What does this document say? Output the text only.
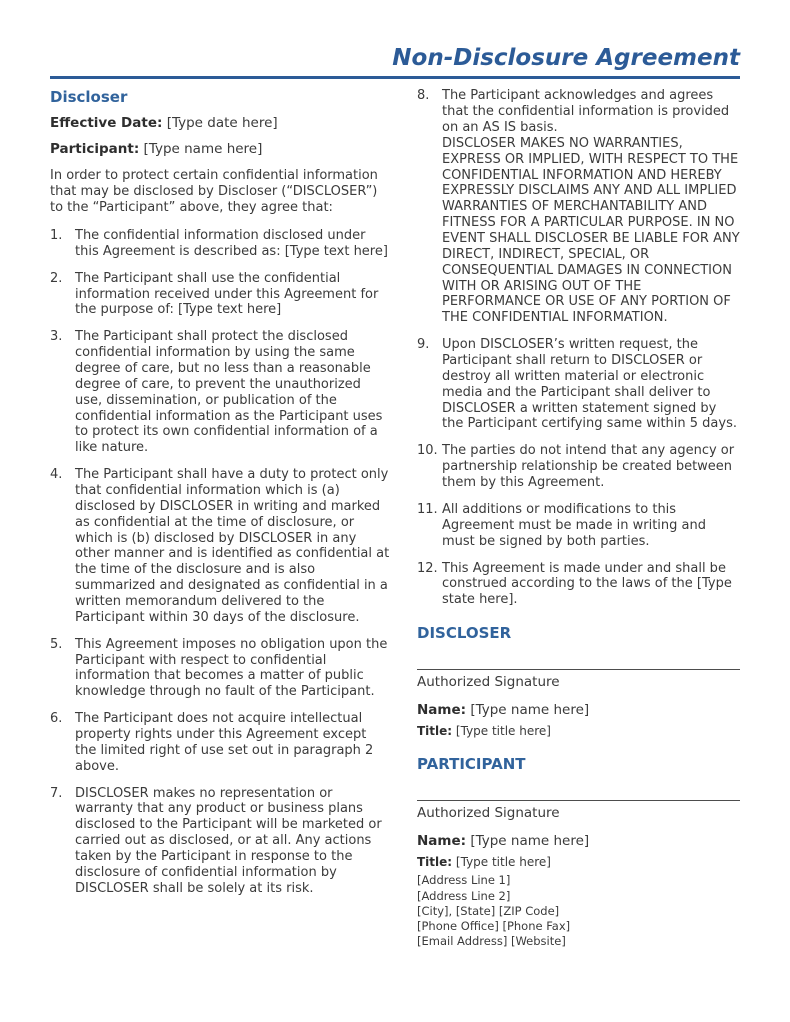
Non-Disclosure Agreement
Discloser
Effective Date: [Type date here]
Participant: [Type name here]
In order to protect certain confidential information that may be disclosed by Discloser (“DISCLOSER”) to the “Participant” above, they agree that:
1. The confidential information disclosed under this Agreement is described as: [Type text here]
2. The Participant shall use the confidential information received under this Agreement for the purpose of: [Type text here]
3. The Participant shall protect the disclosed confidential information by using the same degree of care, but no less than a reasonable degree of care, to prevent the unauthorized use, dissemination, or publication of the confidential information as the Participant uses to protect its own confidential information of a like nature.
4. The Participant shall have a duty to protect only that confidential information which is (a) disclosed by DISCLOSER in writing and marked as confidential at the time of disclosure, or which is (b) disclosed by DISCLOSER in any other manner and is identified as confidential at the time of the disclosure and is also summarized and designated as confidential in a written memorandum delivered to the Participant within 30 days of the disclosure.
5. This Agreement imposes no obligation upon the Participant with respect to confidential information that becomes a matter of public knowledge through no fault of the Participant.
6. The Participant does not acquire intellectual property rights under this Agreement except the limited right of use set out in paragraph 2 above.
7. DISCLOSER makes no representation or warranty that any product or business plans disclosed to the Participant will be marketed or carried out as disclosed, or at all. Any actions taken by the Participant in response to the disclosure of confidential information by DISCLOSER shall be solely at its risk.
8. The Participant acknowledges and agrees that the confidential information is provided on an AS IS basis.
DISCLOSER MAKES NO WARRANTIES, EXPRESS OR IMPLIED, WITH RESPECT TO THE CONFIDENTIAL INFORMATION AND HEREBY EXPRESSLY DISCLAIMS ANY AND ALL IMPLIED WARRANTIES OF MERCHANTABILITY AND FITNESS FOR A PARTICULAR PURPOSE. IN NO EVENT SHALL DISCLOSER BE LIABLE FOR ANY DIRECT, INDIRECT, SPECIAL, OR CONSEQUENTIAL DAMAGES IN CONNECTION WITH OR ARISING OUT OF THE PERFORMANCE OR USE OF ANY PORTION OF THE CONFIDENTIAL INFORMATION.
9. Upon DISCLOSER’s written request, the Participant shall return to DISCLOSER or destroy all written material or electronic media and the Participant shall deliver to DISCLOSER a written statement signed by the Participant certifying same within 5 days.
10. The parties do not intend that any agency or partnership relationship be created between them by this Agreement.
11. All additions or modifications to this Agreement must be made in writing and must be signed by both parties.
12. This Agreement is made under and shall be construed according to the laws of the [Type state here].
DISCLOSER
Authorized Signature
Name: [Type name here]
Title: [Type title here]
PARTICIPANT
Authorized Signature
Name: [Type name here]
Title: [Type title here]
[Address Line 1]
[Address Line 2]
[City], [State] [ZIP Code]
[Phone Office] [Phone Fax]
[Email Address] [Website]
